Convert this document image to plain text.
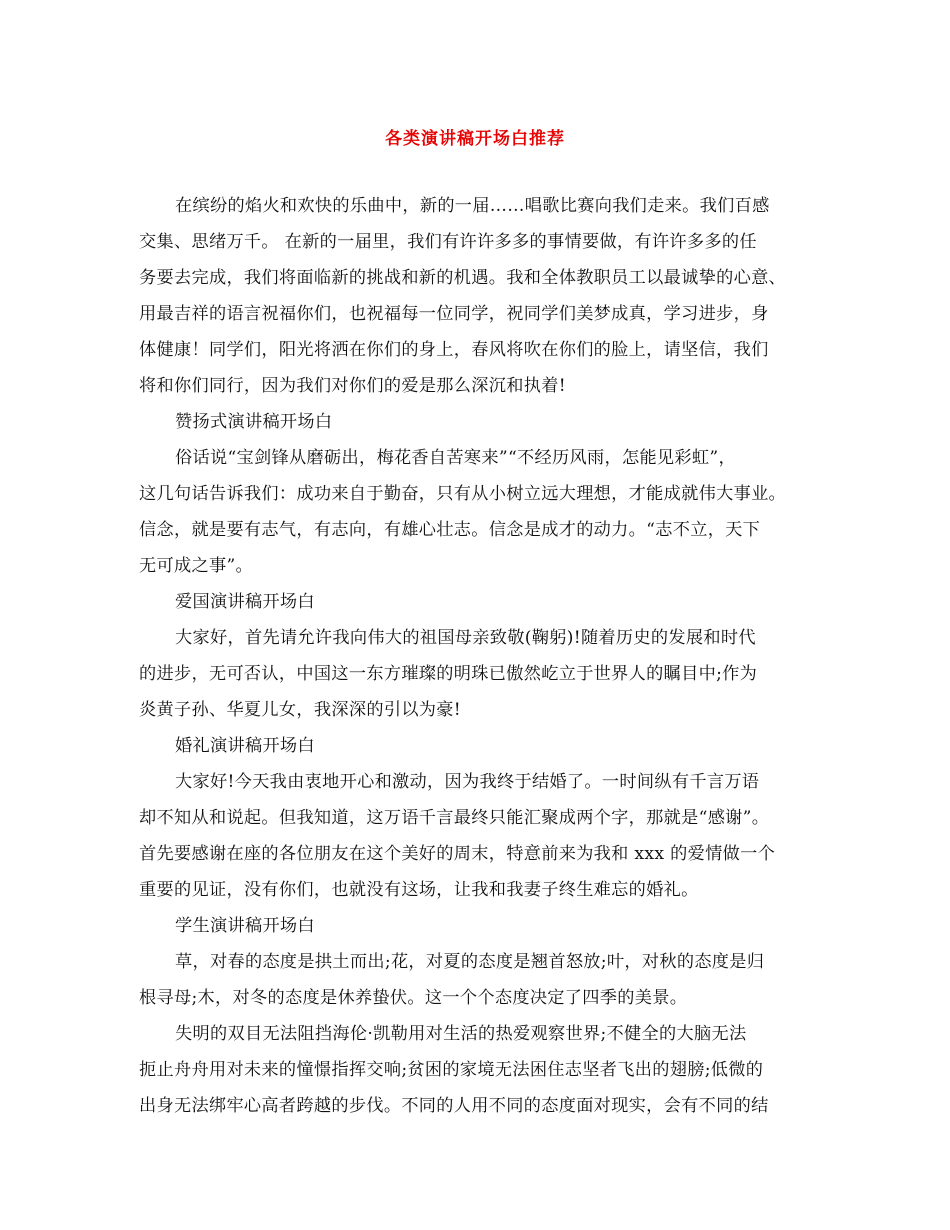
各类演讲稿开场白推荐
在缤纷的焰火和欢快的乐曲中，新的一届……唱歌比赛向我们走来。我们百感
交集、思绪万千。 在新的一届里，我们有许许多多的事情要做，有许许多多的任
务要去完成，我们将面临新的挑战和新的机遇。我和全体教职员工以最诚挚的心意、
用最吉祥的语言祝福你们，也祝福每一位同学，祝同学们美梦成真，学习进步，身
体健康！同学们，阳光将洒在你们的身上，春风将吹在你们的脸上，请坚信，我们
将和你们同行，因为我们对你们的爱是那么深沉和执着!
赞扬式演讲稿开场白
俗话说“宝剑锋从磨砺出，梅花香自苦寒来”“不经历风雨，怎能见彩虹”，
这几句话告诉我们：成功来自于勤奋，只有从小树立远大理想，才能成就伟大事业。
信念，就是要有志气，有志向，有雄心壮志。信念是成才的动力。“志不立，天下
无可成之事”。
爱国演讲稿开场白
大家好，首先请允许我向伟大的祖国母亲致敬(鞠躬)!随着历史的发展和时代
的进步，无可否认，中国这一东方璀璨的明珠已傲然屹立于世界人的瞩目中;作为
炎黄子孙、华夏儿女，我深深的引以为豪!
婚礼演讲稿开场白
大家好!今天我由衷地开心和激动，因为我终于结婚了。一时间纵有千言万语
却不知从和说起。但我知道，这万语千言最终只能汇聚成两个字，那就是“感谢”。
首先要感谢在座的各位朋友在这个美好的周末，特意前来为我和 xxx 的爱情做一个
重要的见证，没有你们，也就没有这场，让我和我妻子终生难忘的婚礼。
学生演讲稿开场白
草，对春的态度是拱土而出;花，对夏的态度是翘首怒放;叶，对秋的态度是归
根寻母;木，对冬的态度是休养蛰伏。这一个个态度决定了四季的美景。
失明的双目无法阻挡海伦·凯勒用对生活的热爱观察世界;不健全的大脑无法
扼止舟舟用对未来的憧憬指挥交响;贫困的家境无法困住志坚者飞出的翅膀;低微的
出身无法绑牢心高者跨越的步伐。不同的人用不同的态度面对现实，会有不同的结
